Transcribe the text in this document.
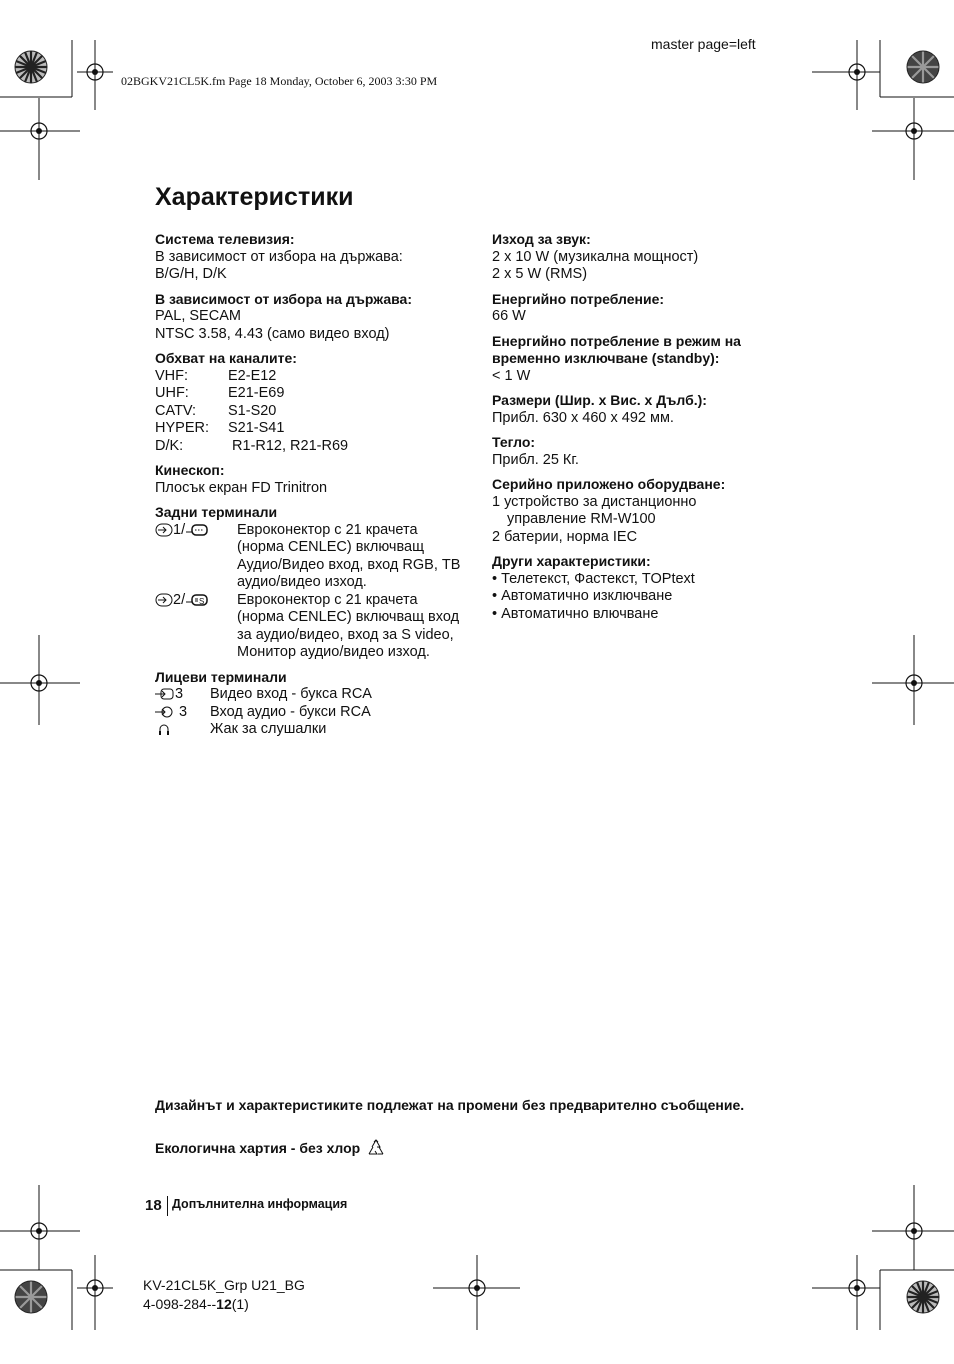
master page=left
02BGKV21CL5K.fm Page 18 Monday, October 6, 2003 3:30 PM
Характеристики
Система телевизия:
В зависимост от избора на държава:
B/G/H, D/K
В зависимост от избора на държава:
PAL, SECAM
NTSC 3.58, 4.43 (само видео вход)
Обхват на каналите:
VHF:	E2-E12
UHF:	E21-E69
CATV:	S1-S20
HYPER:	S21-S41
D/K:	R1-R12, R21-R69
Кинескоп:
Плосък екран FD Trinitron
Задни терминали
1/	Евроконектор с 21 крачета (норма CENLEC) включващ Аудио/Видео вход, вход RGB, ТВ аудио/видео изход.
2/ S Евроконектор с 21 крачета (норма CENLEC) включващ вход за аудио/видео, вход за S video, Монитор аудио/видео изход.
Лицеви терминали
3	Видео вход - букса RCA
3	Вход аудио - букси RCA
Жак за слушалки
Изход за звук:
2 x 10 W (музикална мощност)
2 x 5 W (RMS)
Енергийно потребление:
66 W
Енергийно потребление в режим на
временно изключване (standby):
< 1 W
Размери (Шир. x Вис. x Дълб.):
Прибл. 630 x 460 x 492 мм.
Тегло:
Прибл. 25 Кг.
Серийно приложено оборудване:
1 устройство за дистанционно
управление RM-W100
2 батерии, норма IEC
Други характеристики:
• Телетекст, Фастекст, TOPtext
• Автоматично изключване
• Автоматично влючване
Дизайнът и характеристиките подлежат на промени без предварително съобщение.
Екологична хартия - без хлор
18 Допълнителна информация
KV-21CL5K_Grp U21_BG
4-098-284--12(1)
